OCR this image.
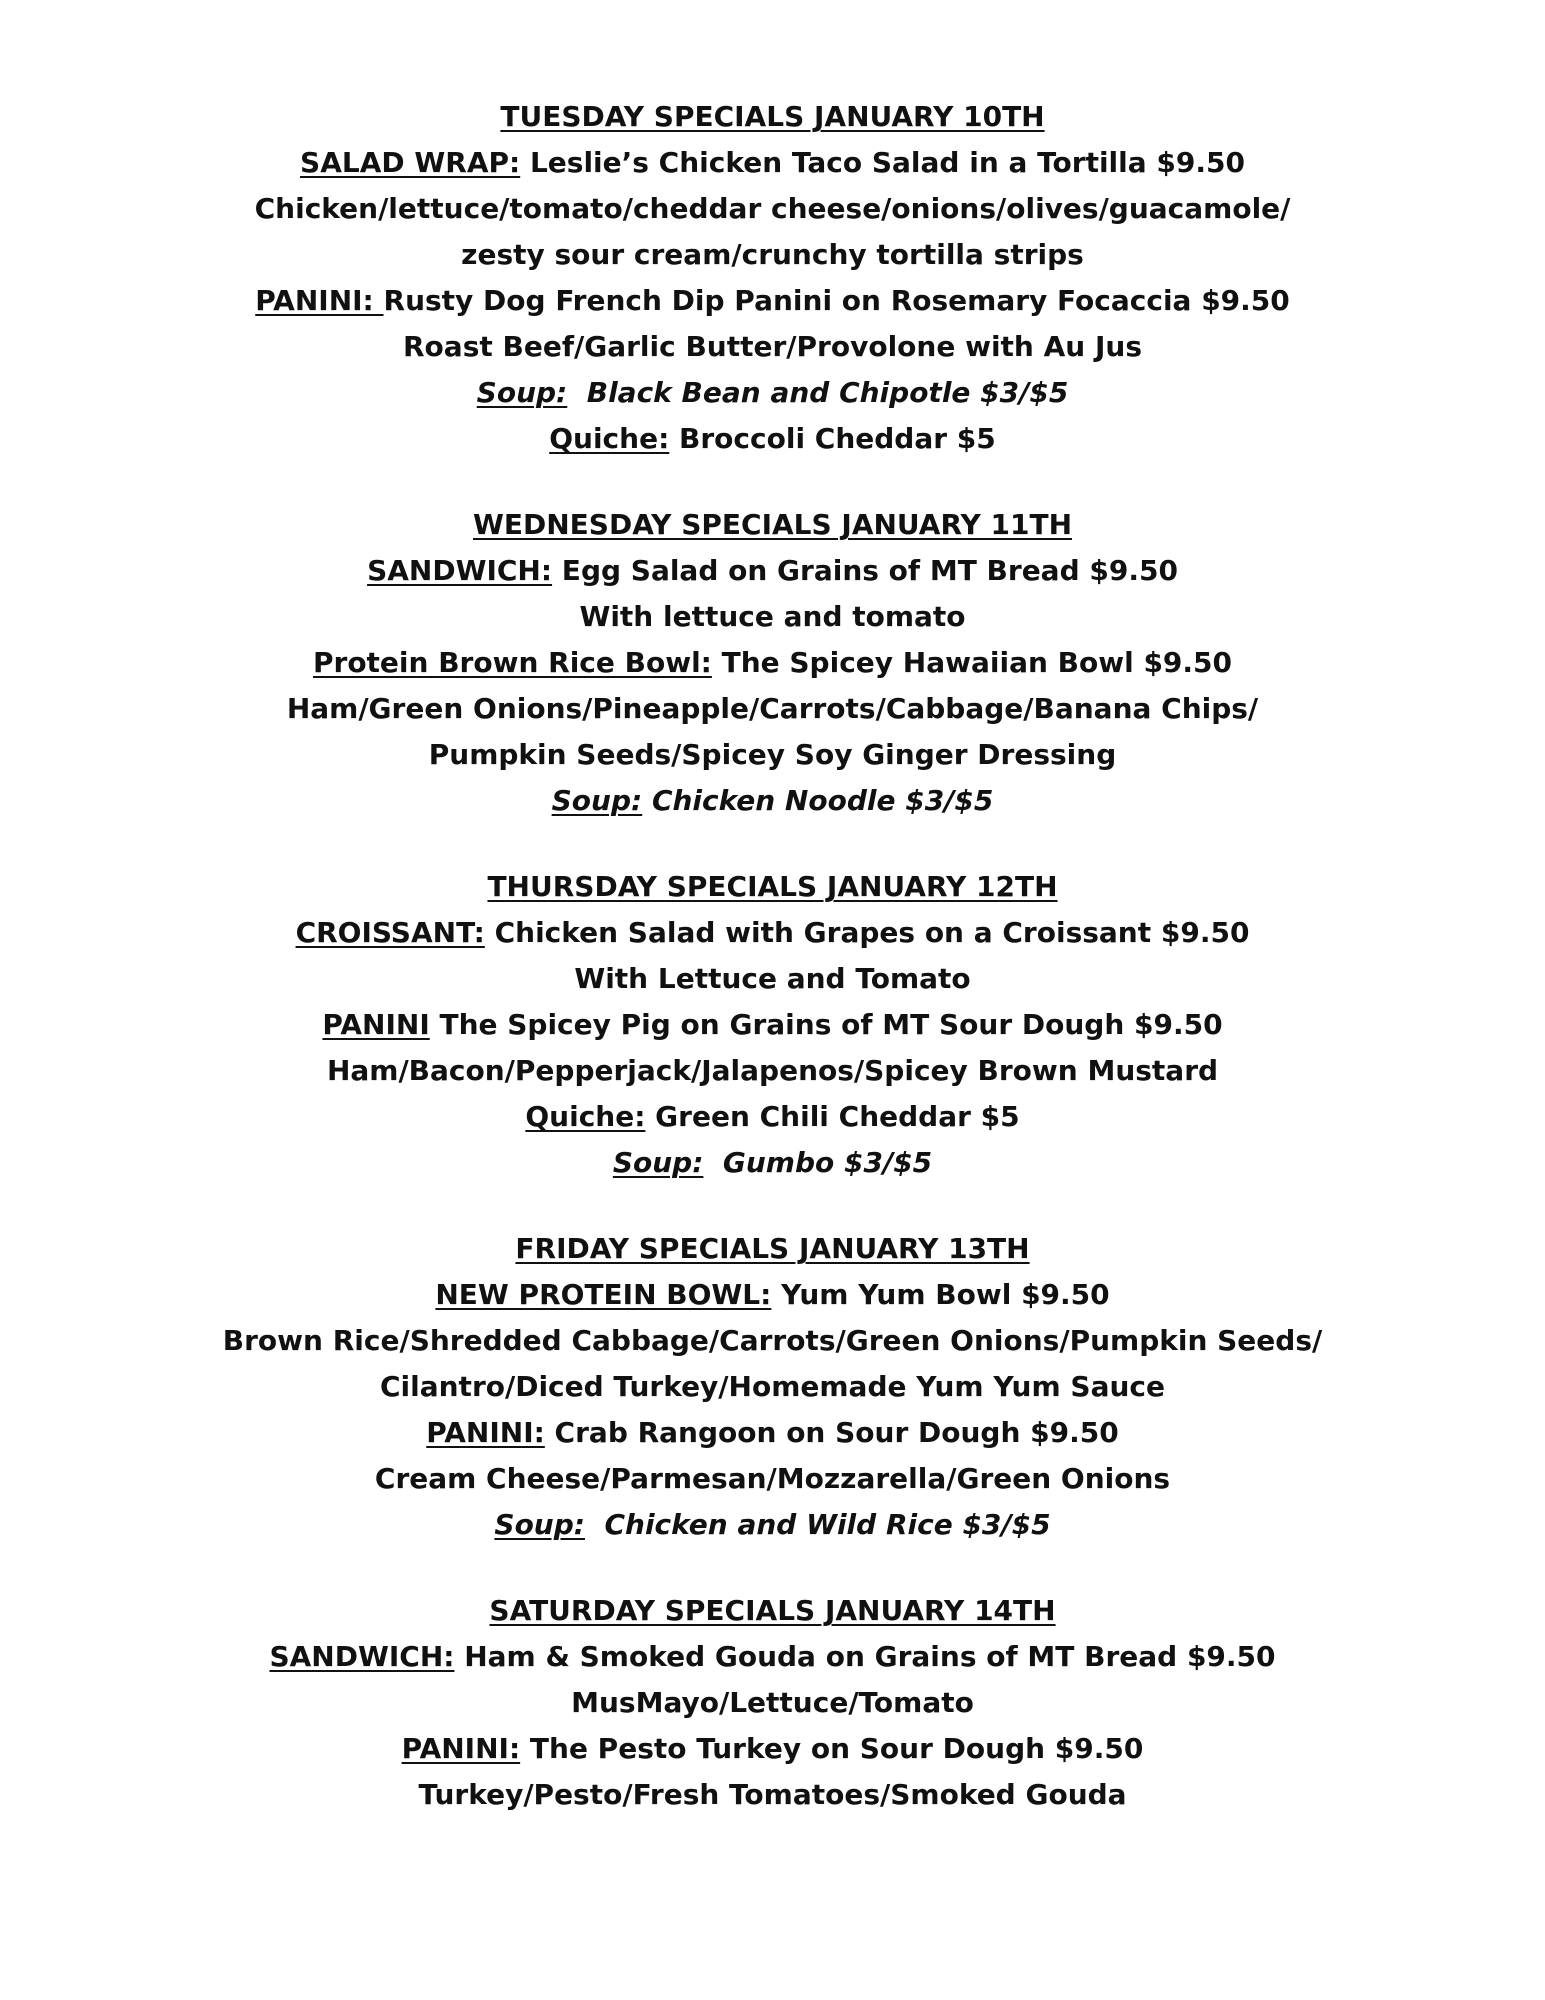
TUESDAY SPECIALS JANUARY 10TH
SALAD WRAP: Leslie’s Chicken Taco Salad in a Tortilla $9.50
Chicken/lettuce/tomato/cheddar cheese/onions/olives/guacamole/
zesty sour cream/crunchy tortilla strips
PANINI: Rusty Dog French Dip Panini on Rosemary Focaccia $9.50
Roast Beef/Garlic Butter/Provolone with Au Jus
Soup:  Black Bean and Chipotle $3/$5
Quiche: Broccoli Cheddar $5
WEDNESDAY SPECIALS JANUARY 11TH
SANDWICH: Egg Salad on Grains of MT Bread $9.50
With lettuce and tomato
Protein Brown Rice Bowl: The Spicey Hawaiian Bowl $9.50
Ham/Green Onions/Pineapple/Carrots/Cabbage/Banana Chips/
Pumpkin Seeds/Spicey Soy Ginger Dressing
Soup: Chicken Noodle $3/$5
THURSDAY SPECIALS JANUARY 12TH
CROISSANT: Chicken Salad with Grapes on a Croissant $9.50
With Lettuce and Tomato
PANINI The Spicey Pig on Grains of MT Sour Dough $9.50
Ham/Bacon/Pepperjack/Jalapenos/Spicey Brown Mustard
Quiche: Green Chili Cheddar $5
Soup:  Gumbo $3/$5
FRIDAY SPECIALS JANUARY 13TH
NEW PROTEIN BOWL: Yum Yum Bowl $9.50
Brown Rice/Shredded Cabbage/Carrots/Green Onions/Pumpkin Seeds/
Cilantro/Diced Turkey/Homemade Yum Yum Sauce
PANINI: Crab Rangoon on Sour Dough $9.50
Cream Cheese/Parmesan/Mozzarella/Green Onions
Soup:  Chicken and Wild Rice $3/$5
SATURDAY SPECIALS JANUARY 14TH
SANDWICH: Ham & Smoked Gouda on Grains of MT Bread $9.50
MusMayo/Lettuce/Tomato
PANINI: The Pesto Turkey on Sour Dough $9.50
Turkey/Pesto/Fresh Tomatoes/Smoked Gouda
